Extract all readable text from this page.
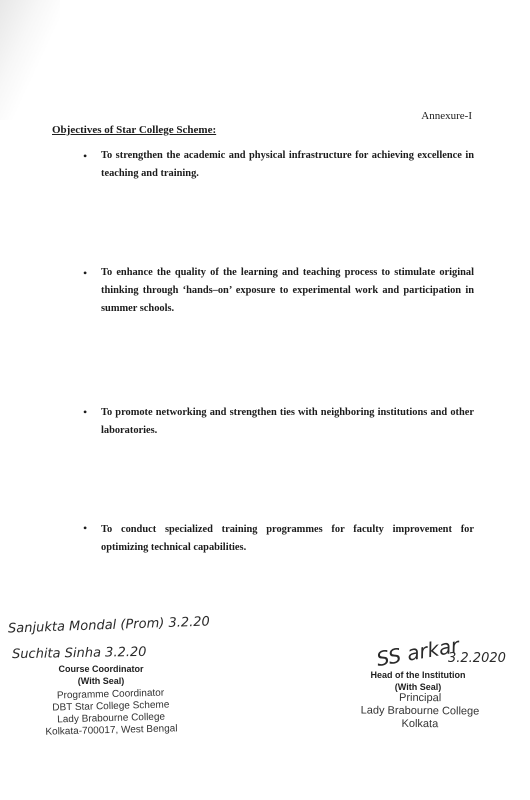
Annexure-I
Objectives of Star College Scheme:
• To strengthen the academic and physical infrastructure for achieving excellence in teaching and training.
• To enhance the quality of the learning and teaching process to stimulate original thinking through ‘hands–on’ exposure to experimental work and participation in summer schools.
• To promote networking and strengthen ties with neighboring institutions and other laboratories.
• To conduct specialized training programmes for faculty improvement for optimizing technical capabilities.
Sanjukta Mondal (Prom) 3.2.20
Suchita Sinha 3.2.20
Course Coordinator
(With Seal)
Programme Coordinator
DBT Star College Scheme
Lady Brabourne College
Kolkata-700017, West Bengal
SS arkar
3.2.2020
Head of the Institution
(With Seal)
Principal
Lady Brabourne College
Kolkata
